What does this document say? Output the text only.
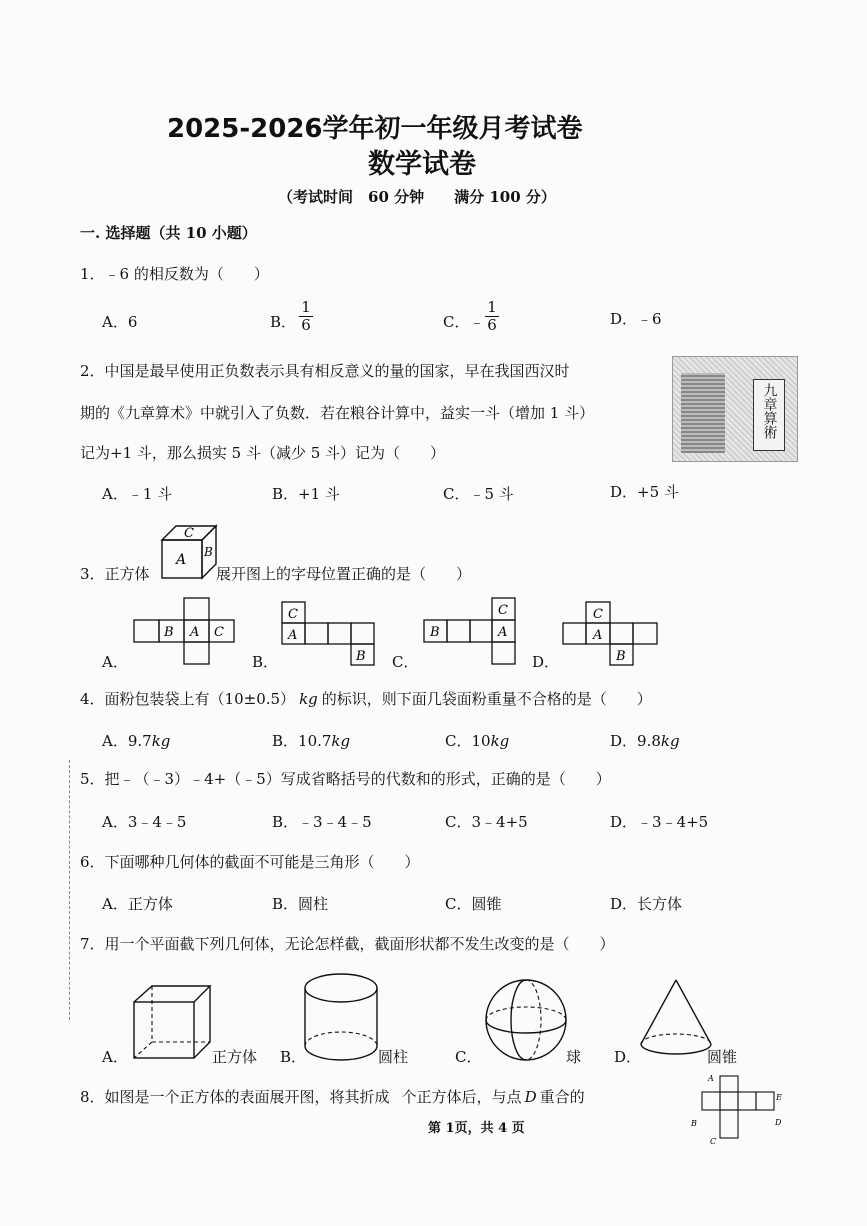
2025-2026学年初一年级月考试卷
数学试卷
（考试时间　60 分钟　　满分 100 分）
一. 选择题（共 10 小题）
1．﹣6 的相反数为（　　）
A．6	B． $\frac{1}{6}$	C．﹣ $\frac{1}{6}$	D．﹣6
2．中国是最早使用正负数表示具有相反意义的量的国家，早在我国西汉时
期的《九章算术》中就引入了负数．若在粮谷计算中，益实一斗（增加 1 斗）
记为+1 斗，那么损实 5 斗（减少 5 斗）记为（　　）
九章算術
A．﹣1 斗	B．+1 斗	C．﹣5 斗	D．+5 斗
3．正方体
A
C
B
展开图上的字母位置正确的是（　　）
A．
B A C
B．
C
A
B C．
B
C
A
D．
C
A
B
4．面粉包装袋上有（10±0.5） kg 的标识，则下面几袋面粉重量不合格的是（　　）
A．9.7kg	B．10.7kg	C．10kg	D．9.8kg
5．把﹣（﹣3）﹣4+（﹣5）写成省略括号的代数和的形式，正确的是（　　）
A．3﹣4﹣5	B．﹣3﹣4﹣5	C．3﹣4+5	D．﹣3﹣4+5
6．下面哪种几何体的截面不可能是三角形（　　）
A．正方体	B．圆柱	C．圆锥	D．长方体
7．用一个平面截下列几何体，无论怎样截，截面形状都不发生改变的是（　　）
A．	正方体 B．	圆柱	C．	球 D．	圆锥
8．如图是一个正方体的表面展开图，将其折成 个正方体后，与点 D 重合的
A
B
C
D
E
第 1页，共 4 页
